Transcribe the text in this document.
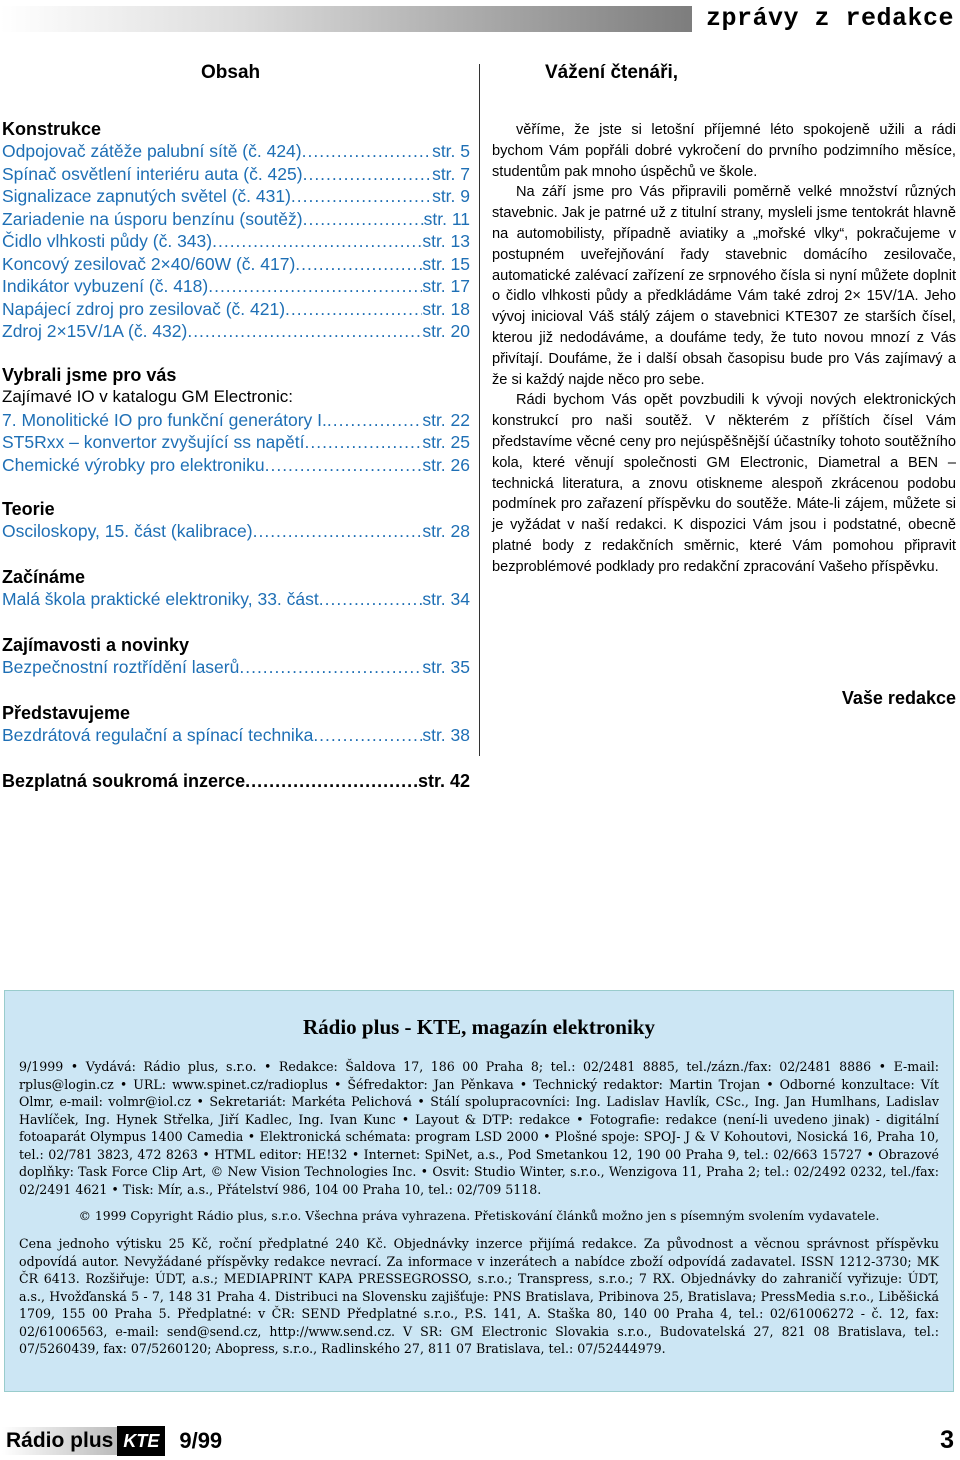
zprávy z redakce
Obsah
Konstrukce
Odpojovač zátěže palubní sítě (č. 424) .....	str. 5
Spínač osvětlení interiéru auta (č. 425) .....	str. 7
Signalizace zapnutých světel (č. 431) .....	str. 9
Zariadenie na úsporu benzínu (soutěž) .....	str. 11
Čidlo vlhkosti půdy (č. 343) .....	str. 13
Koncový zesilovač 2×40/60W (č. 417) .....	str. 15
Indikátor vybuzení (č. 418) .....	str. 17
Napájecí zdroj pro zesilovač (č. 421) .....	str. 18
Zdroj 2×15V/1A (č. 432) .....	str. 20
Vybrali jsme pro vás
Zajímavé IO v katalogu GM Electronic:
7. Monolitické IO pro funkční generátory I. .....	str. 22
ST5Rxx – konvertor zvyšující ss napětí .....	str. 25
Chemické výrobky pro elektroniku .....	str. 26
Teorie
Osciloskopy, 15. část (kalibrace) .....	str. 28
Začínáme
Malá škola praktické elektroniky, 33. část .....	str. 34
Zajímavosti a novinky
Bezpečnostní roztřídění laserů .....	str. 35
Představujeme
Bezdrátová regulační a spínací technika .....	str. 38
Bezplatná soukromá inzerce .....	str. 42
Vážení čtenáři,

věříme, že jste si letošní příjemné léto spokojeně užili a rádi bychom Vám popřáli dobré vykročení do prvního podzimního měsíce, studentům pak mnoho úspěchů ve škole.

Na září jsme pro Vás připravili poměrně velké množství různých stavebnic. Jak je patrné už z titulní strany, mysleli jsme tentokrát hlavně na automobilisty, případně aviatiky a „mořské vlky“, pokračujeme v postupném uveřejňování řady stavebnic domácího zesilovače, automatické zalévací zařízení ze srpnového čísla si nyní můžete doplnit o čidlo vlhkosti půdy a předkládáme Vám také zdroj 2× 15V/1A. Jeho vývoj inicioval Váš stálý zájem o stavebnici KTE307 ze starších čísel, kterou již nedodáváme, a doufáme tedy, že tuto novou mnozí z Vás přivítají. Doufáme, že i další obsah časopisu bude pro Vás zajímavý a že si každý najde něco pro sebe.

Rádi bychom Vás opět povzbudili k vývoji nových elektronických konstrukcí pro naši soutěž. V některém z příštích čísel Vám představíme věcné ceny pro nejúspěšnější účastníky tohoto soutěžního kola, které věnují společnosti GM Electronic, Diametral a BEN – technická literatura, a znovu otiskneme alespoň zkrácenou podobu podmínek pro zařazení příspěvku do soutěže. Máte-li zájem, můžete si je vyžádat v naší redakci. K dispozici Vám jsou i podstatné, obecně platné body z redakčních směrnic, které Vám pomohou připravit bezproblémové podklady pro redakční zpracování Vašeho příspěvku.

Vaše redakce
Rádio plus - KTE, magazín elektroniky

9/1999 • Vydává: Rádio plus, s.r.o. • Redakce: Šaldova 17, 186 00 Praha 8; tel.: 02/2481 8885, tel./zázn./fax: 02/2481 8886 • E-mail: rplus@login.cz • URL: www.spinet.cz/radioplus • Šéfredaktor: Jan Pěnkava • Technický redaktor: Martin Trojan • Odborné konzultace: Vít Olmr, e-mail: volmr@iol.cz • Sekretariát: Markéta Pelichová • Stálí spolupracovníci: Ing. Ladislav Havlík, CSc., Ing. Jan Humlhans, Ladislav Havlíček, Ing. Hynek Střelka, Jiří Kadlec, Ing. Ivan Kunc • Layout & DTP: redakce • Fotografie: redakce (není-li uvedeno jinak) - digitální fotoaparát Olympus 1400 Camedia • Elektronická schémata: program LSD 2000 • Plošné spoje: SPOJ- J & V Kohoutovi, Nosická 16, Praha 10, tel.: 02/781 3823, 472 8263 • HTML editor: HE!32 • Internet: SpiNet, a.s., Pod Smetankou 12, 190 00 Praha 9, tel.: 02/663 15727 • Obrazové doplňky: Task Force Clip Art, © New Vision Technologies Inc. • Osvit: Studio Winter, s.r.o., Wenzigova 11, Praha 2; tel.: 02/2492 0232, tel./fax: 02/2491 4621 • Tisk: Mír, a.s., Přátelství 986, 104 00 Praha 10, tel.: 02/709 5118.

© 1999 Copyright Rádio plus, s.r.o. Všechna práva vyhrazena. Přetiskování článků možno jen s písemným svolením vydavatele.

Cena jednoho výtisku 25 Kč, roční předplatné 240 Kč. Objednávky inzerce přijímá redakce. Za původnost a věcnou správnost příspěvku odpovídá autor. Nevyžádané příspěvky redakce nevrací. Za informace v inzerátech a nabídce zboží odpovídá zadavatel. ISSN 1212-3730; MK ČR 6413. Rozšiřuje: ÚDT, a.s.; MEDIAPRINT KAPA PRESSEGROSSO, s.r.o.; Transpress, s.r.o.; 7 RX. Objednávky do zahraničí vyřizuje: ÚDT, a.s., Hvožďanská 5 - 7, 148 31 Praha 4. Distribuci na Slovensku zajišťuje: PNS Bratislava, Pribinova 25, Bratislava; PressMedia s.r.o., Liběšická 1709, 155 00 Praha 5. Předplatné: v ČR: SEND Předplatné s.r.o., P.S. 141, A. Staška 80, 140 00 Praha 4, tel.: 02/61006272 - č. 12, fax: 02/61006563, e-mail: send@send.cz, http://www.send.cz. V SR: GM Electronic Slovakia s.r.o., Budovatelská 27, 821 08 Bratislava, tel.: 07/5260439, fax: 07/5260120; Abopress, s.r.o., Radlinského 27, 811 07 Bratislava, tel.: 07/52444979.

Rádio plus KTE 9/99	3
